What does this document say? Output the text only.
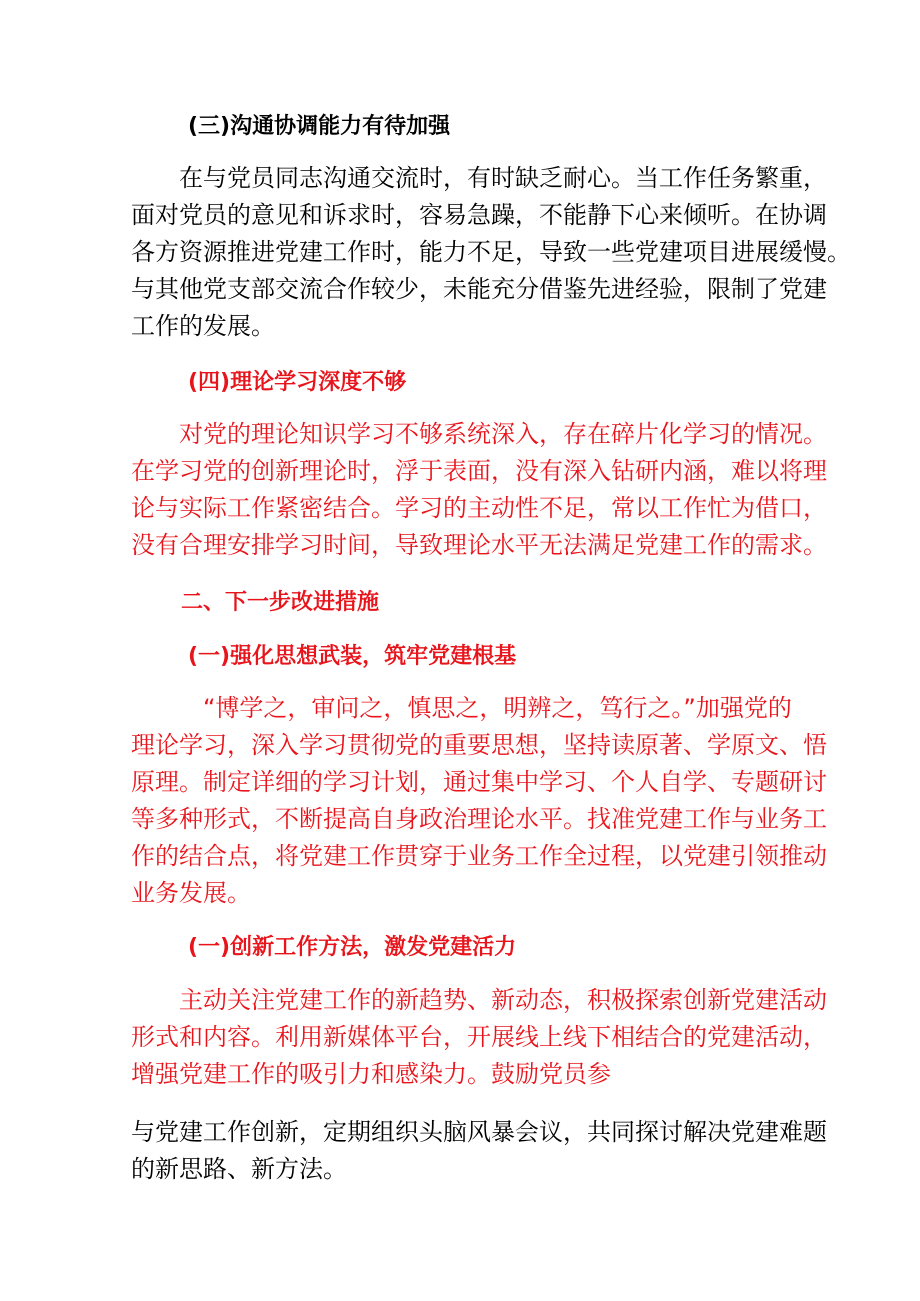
(三)沟通协调能力有待加强
在与党员同志沟通交流时，有时缺乏耐心。当工作任务繁重，
面对党员的意见和诉求时，容易急躁，不能静下心来倾听。在协调
各方资源推进党建工作时，能力不足，导致一些党建项目进展缓慢。
与其他党支部交流合作较少，未能充分借鉴先进经验，限制了党建
工作的发展。
(四)理论学习深度不够
对党的理论知识学习不够系统深入，存在碎片化学习的情况。
在学习党的创新理论时，浮于表面，没有深入钻研内涵，难以将理
论与实际工作紧密结合。学习的主动性不足，常以工作忙为借口，
没有合理安排学习时间，导致理论水平无法满足党建工作的需求。
二、下一步改进措施
(一)强化思想武装，筑牢党建根基
“博学之，审问之，慎思之，明辨之，笃行之。”加强党的
理论学习，深入学习贯彻党的重要思想，坚持读原著、学原文、悟
原理。制定详细的学习计划，通过集中学习、个人自学、专题研讨
等多种形式，不断提高自身政治理论水平。找准党建工作与业务工
作的结合点，将党建工作贯穿于业务工作全过程，以党建引领推动
业务发展。
(一)创新工作方法，激发党建活力
主动关注党建工作的新趋势、新动态，积极探索创新党建活动
形式和内容。利用新媒体平台，开展线上线下相结合的党建活动，
增强党建工作的吸引力和感染力。鼓励党员参
与党建工作创新，定期组织头脑风暴会议，共同探讨解决党建难题
的新思路、新方法。
